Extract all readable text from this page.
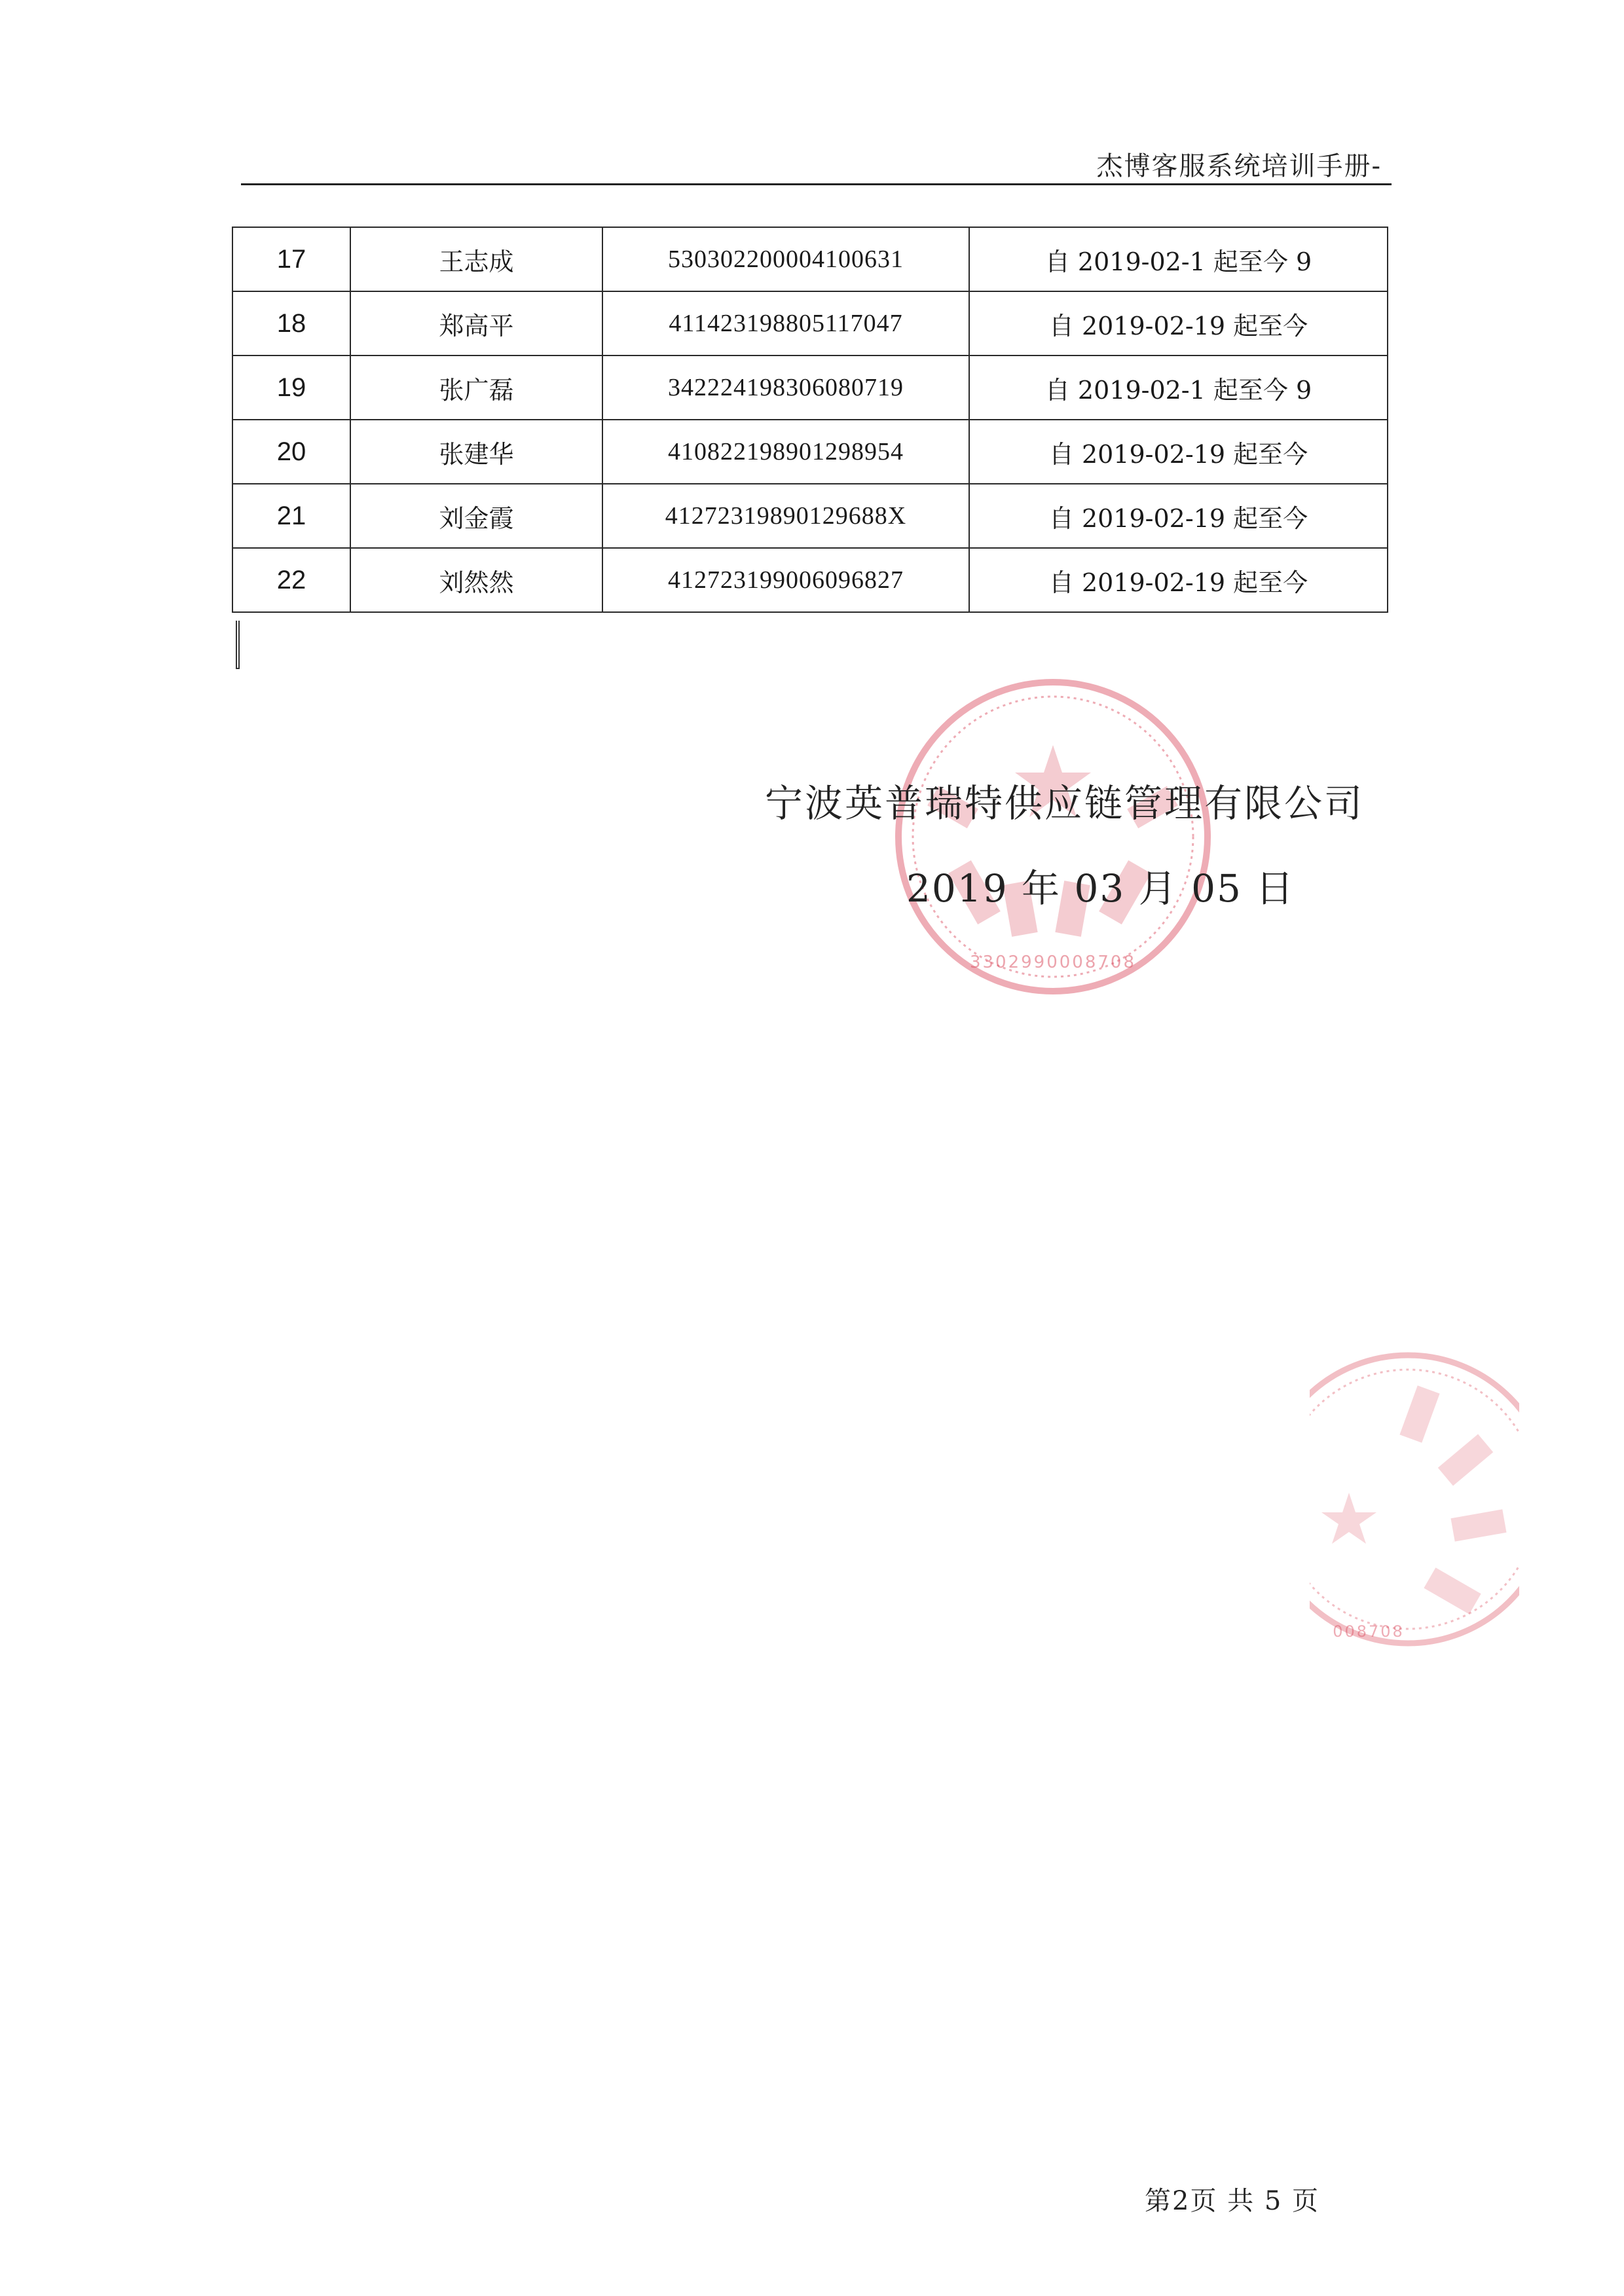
杰博客服系统培训手册-
17	王志成	530302200004100631	自 2019-02-1 起至今 9
18	郑高平	411423198805117047	自 2019-02-19 起至今
19	张广磊	342224198306080719	自 2019-02-1 起至今 9
20	张建华	410822198901298954	自 2019-02-19 起至今
21	刘金霞	41272319890129688X	自 2019-02-19 起至今
22	刘然然	412723199006096827	自 2019-02-19 起至今
3302990008708
宁波英普瑞特供应链管理有限公司
2019 年 03 月 05 日
008708
第2页 共 5 页
